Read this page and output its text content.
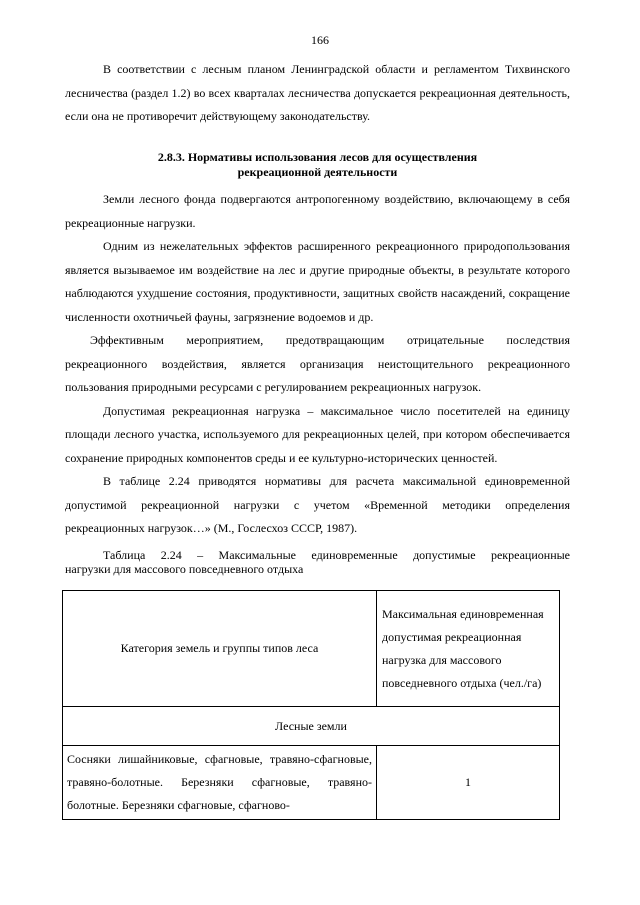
166

В соответствии с лесным планом Ленинградской области и регламентом Тихвинского лесничества (раздел 1.2) во всех кварталах лесничества допускается рекреационная деятельность, если она не противоречит действующему законодательству.

2.8.3. Нормативы использования лесов для осуществления
рекреационной деятельности

Земли лесного фонда подвергаются антропогенному воздействию, включающему в себя рекреационные нагрузки.

Одним из нежелательных эффектов расширенного рекреационного природопользования является вызываемое им воздействие на лес и другие природные объекты, в результате которого наблюдаются ухудшение состояния, продуктивности, защитных свойств насаждений, сокращение численности охотничьей фауны, загрязнение водоемов и др.

Эффективным мероприятием, предотвращающим отрицательные последствия рекреационного воздействия, является организация неистощительного рекреационного пользования природными ресурсами с регулированием рекреационных нагрузок.

Допустимая рекреационная нагрузка – максимальное число посетителей на единицу площади лесного участка, используемого для рекреационных целей, при котором обеспечивается сохранение природных компонентов среды и ее культурно-исторических ценностей.

В таблице 2.24 приводятся нормативы для расчета максимальной единовременной допустимой рекреационной нагрузки с учетом «Временной методики определения рекреационных нагрузок…» (М., Гослесхоз СССР, 1987).

Таблица 2.24 – Максимальные единовременные допустимые рекреационные
нагрузки для массового повседневного отдыха
Категория земель и группы типов леса	Максимальная единовременная допустимая рекреационная нагрузка для массового повседневного отдыха (чел./га)
Лесные земли	
Сосняки лишайниковые, сфагновые, травяно-сфагновые, травяно-болотные. Березняки сфагновые, травяно-болотные. Березняки сфагновые, сфагново-	1
